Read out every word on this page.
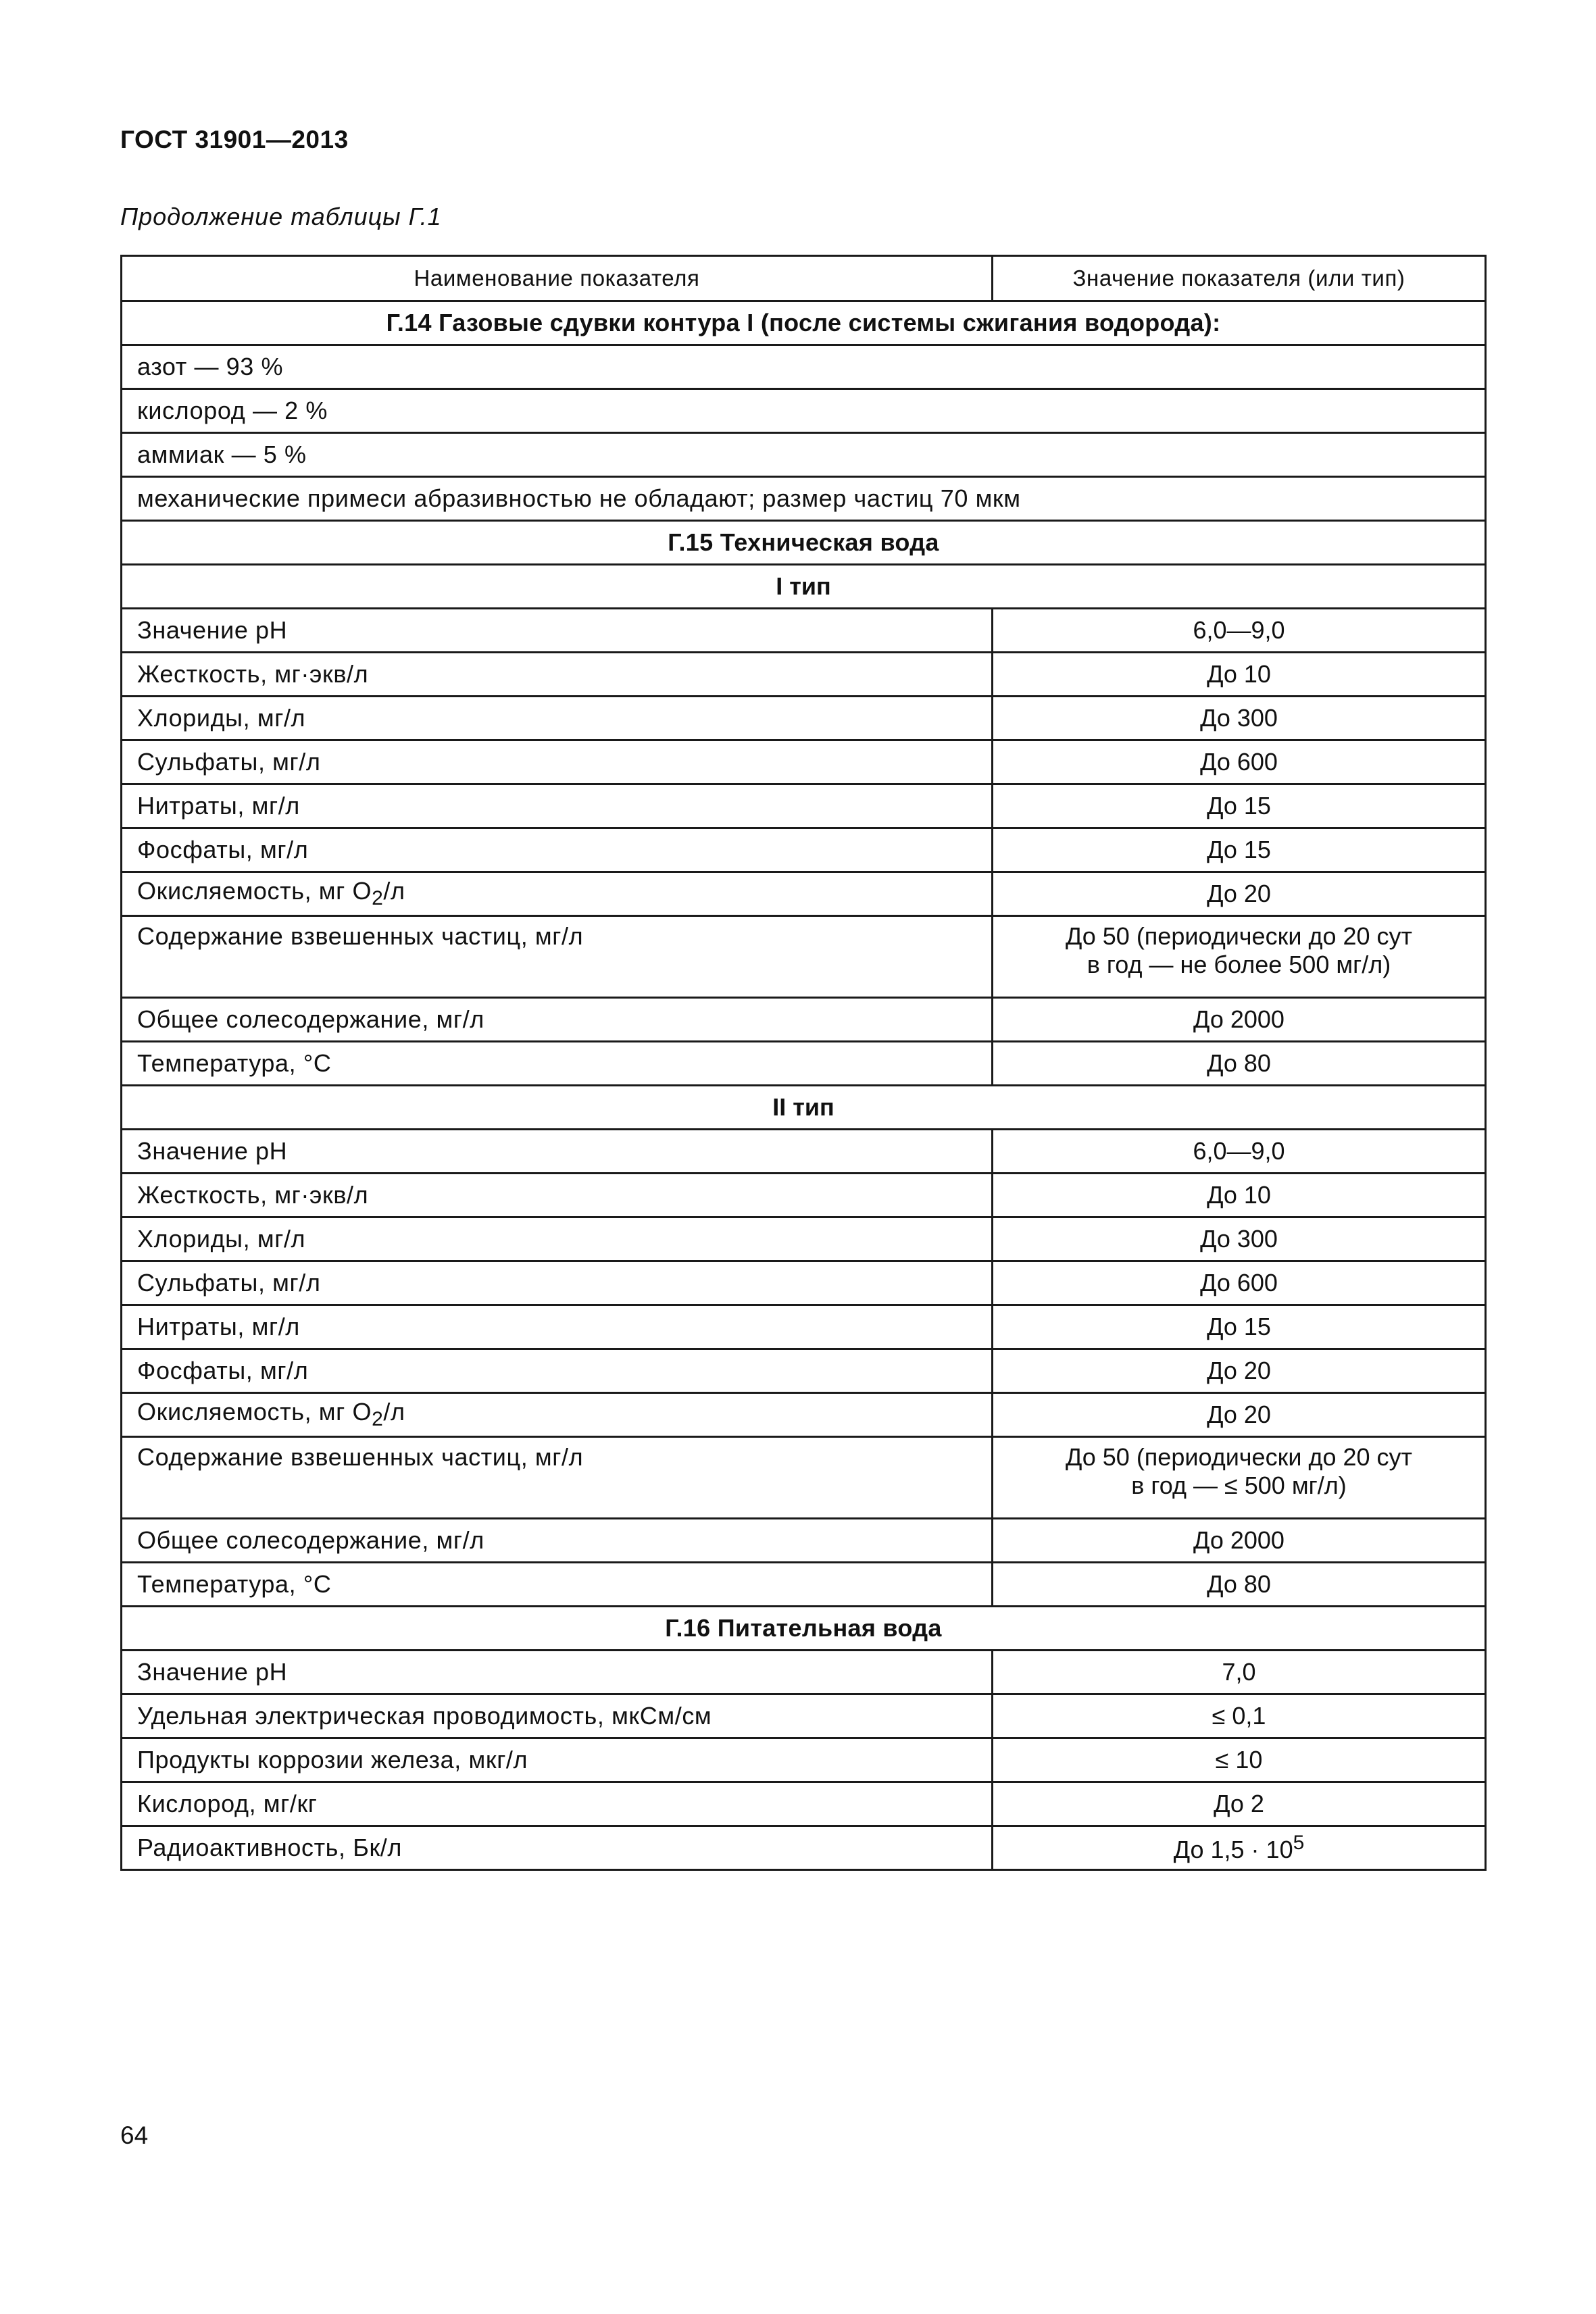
ГОСТ 31901—2013
Продолжение таблицы Г.1
Наименование показателя	Значение показателя (или тип)
Г.14 Газовые сдувки контура I (после системы сжигания водорода):	
азот — 93 %	
кислород — 2 %	
аммиак — 5 %	
механические примеси абразивностью не обладают; размер частиц 70 мкм	
Г.15 Техническая вода	
I тип	
Значение pH	6,0—9,0
Жесткость, мг·экв/л	До 10
Хлориды, мг/л	До 300
Сульфаты, мг/л	До 600
Нитраты, мг/л	До 15
Фосфаты, мг/л	До 15
Окисляемость, мг $O_2/л$	До 20
Содержание взвешенных частиц, мг/л	До 50 (периодически до 20 сут
в год — не более 500 мг/л)

Общее солесодержание, мг/л	До 2000
Температура, °С	До 80
II тип	
Значение pH	6,0—9,0
Жесткость, мг·экв/л	До 10
Хлориды, мг/л	До 300
Сульфаты, мг/л	До 600
Нитраты, мг/л	До 15
Фосфаты, мг/л	До 20
Окисляемость, мг $O_2/л$	До 20
Содержание взвешенных частиц, мг/л	До 50 (периодически до 20 сут
в год — ≤ 500 мг/л)

Общее солесодержание, мг/л	До 2000
Температура, °С	До 80
Г.16 Питательная вода	
Значение pH	7,0
Удельная электрическая проводимость, мкСм/см	≤ 0,1
Продукты коррозии железа, мкг/л	≤ 10
Кислород, мг/кг	До 2
Радиоактивность, Бк/л	До $1,5 \cdot 10^5$
64
